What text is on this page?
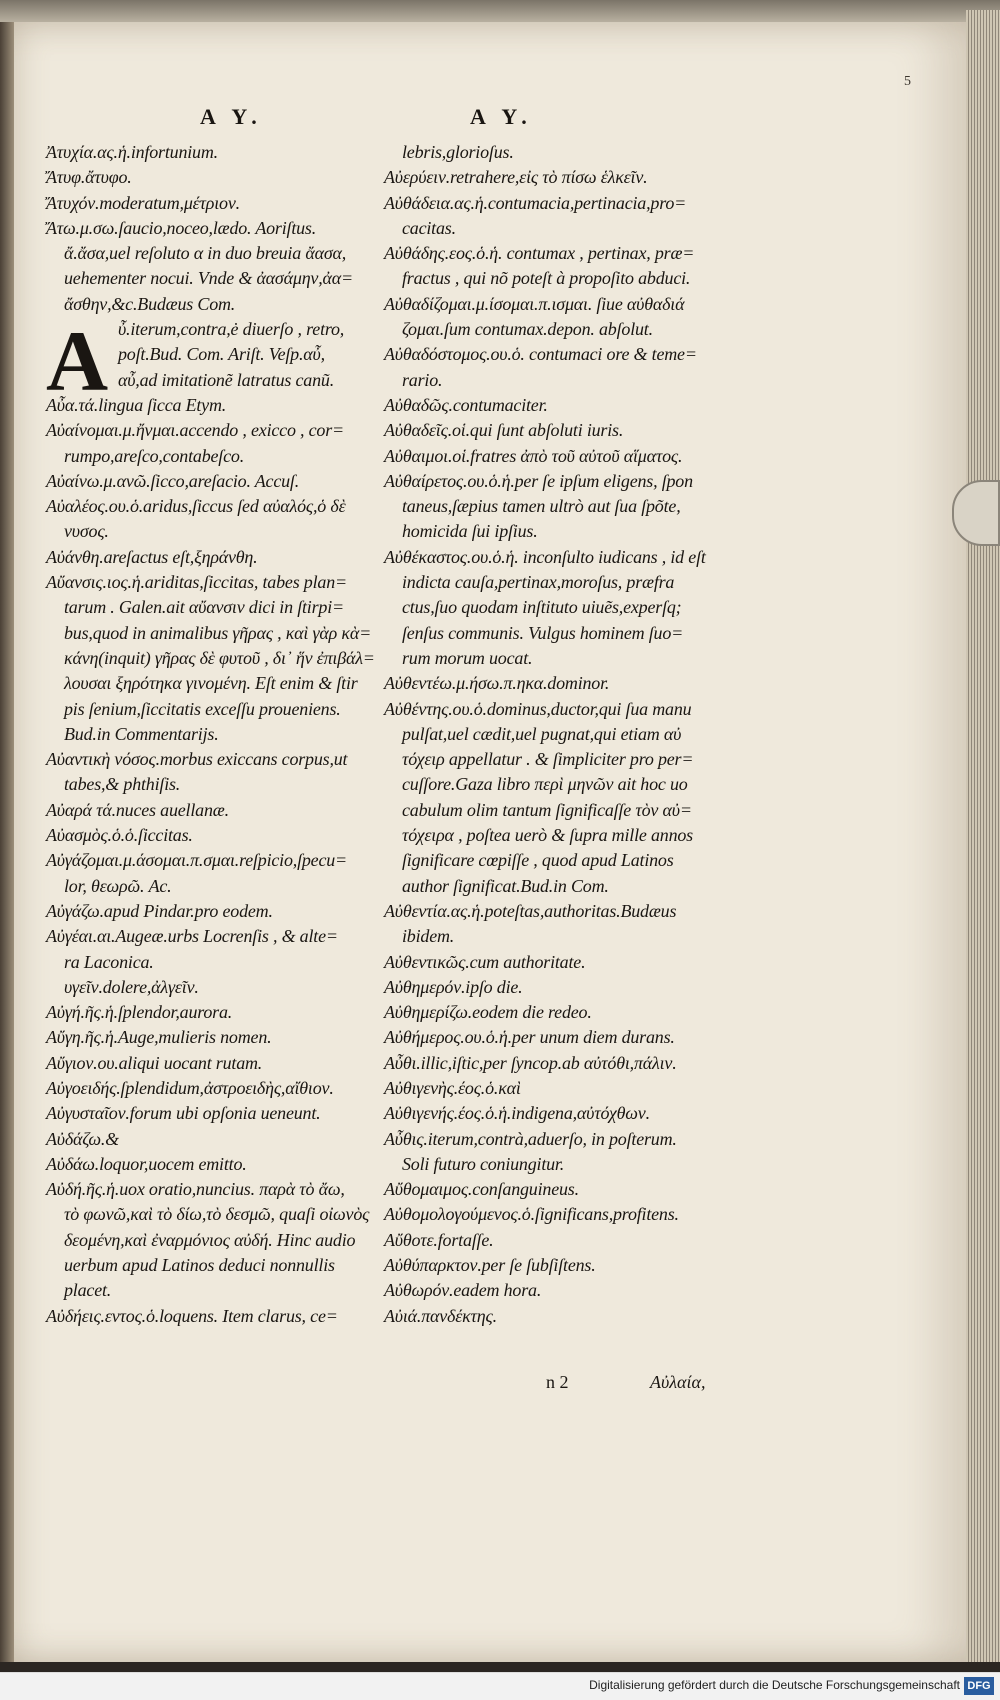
5
A Y.	A Y.
A
Ἀτυχία.ας.ἡ.infortunium.
Ἄτυφ.ἄτυφο.
Ἄτυχόν.moderatum,μέτριον.
Ἄτω.μ.σω.ſaucio,noceo,lædo. Aoriſtus.
ἄ.ἄσα,uel reſoluto α in duo breuia ἄασα,
uehementer nocui. Vnde & ἀασάμην,ἀα=
ἄσθην,&c.Budæus Com.
ὖ.iterum,contra,ė diuerſo , retro,
poſt.Bud. Com. Ariſt. Veſp.αὖ,
αὖ,ad imitationẽ latratus canũ.
Αὖα.τά.lingua ſicca Etym.
Αὐαίνομαι.μ.ἤνμαι.accendo , exicco , cor=
rumpo,areſco,contabeſco.
Αὐαίνω.μ.ανῶ.ſicco,areſacio. Accuſ.
Αὐαλέος.ου.ὁ.aridus,ſiccus ſed αὐαλός,ὁ δὲ
νυσος.
Αὐάνθη.areſactus eſt,ξηράνθη.
Αὔανσις.ιος.ἡ.ariditas,ſiccitas, tabes plan=
tarum . Galen.ait αὔανσιν dici in ſtirpi=
bus,quod in animalibus γῆρας , καὶ γὰρ κὰ=
κάνη(inquit) γῆρας δὲ φυτοῦ , δι᾽ ἥν ἐπιβάλ=
λουσαι ξηρότηκα γινομένη. Eſt enim & ſtir
pis ſenium,ſiccitatis exceſſu proueniens.
Bud.in Commentarijs.
Αὐαντικὴ νόσος.morbus exiccans corpus,ut
tabes,& phthiſis.
Αὐαρά τά.nuces auellanæ.
Αὐασμὸς.ὁ.ὁ.ſiccitas.
Αὐγάζομαι.μ.άσομαι.π.σμαι.reſpicio,ſpecu=
lor, θεωρῶ. Ac.
Αὐγάζω.apud Pindar.pro eodem.
Αὐγέαι.αι.Augeæ.urbs Locrenſis , & alte=
ra Laconica.
υγεῖν.dolere,ἀλγεῖν.
Αὐγή.ῆς.ἡ.ſplendor,aurora.
Αὔγη.ῆς.ἡ.Auge,mulieris nomen.
Αὔγιον.ου.aliqui uocant rutam.
Αὐγοειδής.ſplendidum,ἀστροειδὴς,αἴθιον.
Αὐγυσταῖον.forum ubi opſonia ueneunt.
Αὐδάζω.&
Αὐδάω.loquor,uocem emitto.
Αὐδή.ῆς.ἡ.uox oratio,nuncius. παρὰ τὸ ἄω,
τὸ φωνῶ,καὶ τὸ δίω,τὸ δεσμῶ, quaſi οἰωνὸς
δεομένη,καὶ ἐναρμόνιος αὐδή. Hinc audio
uerbum apud Latinos deduci nonnullis
placet.
Αὐδήεις.εντος.ὁ.loquens. Item clarus, ce=
lebris,glorioſus.
Αὐερύειν.retrahere,εἰς τὸ πίσω ἑλκεῖν.
Αὐθάδεια.ας.ἡ.contumacia,pertinacia,pro=
cacitas.
Αὐθάδης.εος.ὁ.ἡ. contumax , pertinax, præ=
fractus , qui nõ poteſt à propoſito abduci.
Αὐθαδίζομαι.μ.ίσομαι.π.ισμαι. ſiue αὐθαδιά
ζομαι.ſum contumax.depon. abſolut.
Αὐθαδόστομος.ου.ὁ. contumaci ore & teme=
rario.
Αὐθαδῶς.contumaciter.
Αὐθαδεῖς.οἱ.qui ſunt abſoluti iuris.
Αὐθαιμοι.οἱ.fratres ἀπὸ τοῦ αὐτοῦ αἵματος.
Αὐθαίρετος.ου.ὁ.ἡ.per ſe ipſum eligens, ſpon
taneus,ſæpius tamen ultrò aut ſua ſpõte,
homicida ſui ipſius.
Αὐθέκαστος.ου.ὁ.ἡ. inconſulto iudicans , id eſt
indicta cauſa,pertinax,moroſus, præfra
ctus,ſuo quodam inſtituto uiuẽs,experſq;
ſenſus communis. Vulgus hominem ſuo=
rum morum uocat.
Αὐθεντέω.μ.ήσω.π.ηκα.dominor.
Αὐθέντης.ου.ὁ.dominus,ductor,qui ſua manu
pulſat,uel cædit,uel pugnat,qui etiam αὐ
τόχειρ appellatur . & ſimpliciter pro per=
cuſſore.Gaza libro περὶ μηνῶν ait hoc uo
cabulum olim tantum ſignificaſſe τὸν αὐ=
τόχειρα , poſtea uerò & ſupra mille annos
ſignificare cœpiſſe , quod apud Latinos
author ſignificat.Bud.in Com.
Αὐθεντία.ας.ἡ.poteſtas,authoritas.Budæus
ibidem.
Αὐθεντικῶς.cum authoritate.
Αὐθημερόν.ipſo die.
Αὐθημερίζω.eodem die redeo.
Αὐθήμερος.ου.ὁ.ἡ.per unum diem durans.
Αὖθι.illic,iſtic,per ſyncop.ab αὐτόθι,πάλιν.
Αὐθιγενὴς.έος.ὁ.καὶ
Αὐθιγενής.έος.ὁ.ἡ.indigena,αὐτόχθων.
Αὖθις.iterum,contrà,aduerſo, in poſterum.
Soli futuro coniungitur.
Αὔθομαιμος.conſanguineus.
Αὐθομολογούμενος.ὁ.ſignificans,profitens.
Αὔθοτε.fortaſſe.
Αὐθύπαρκτον.per ſe ſubſiſtens.
Αὐθωρόν.eadem hora.
Αὐιά.πανδέκτης.
n 2	Αὐλαία,
Digitalisierung gefördert durch die Deutsche Forschungsgemeinschaft DFG
